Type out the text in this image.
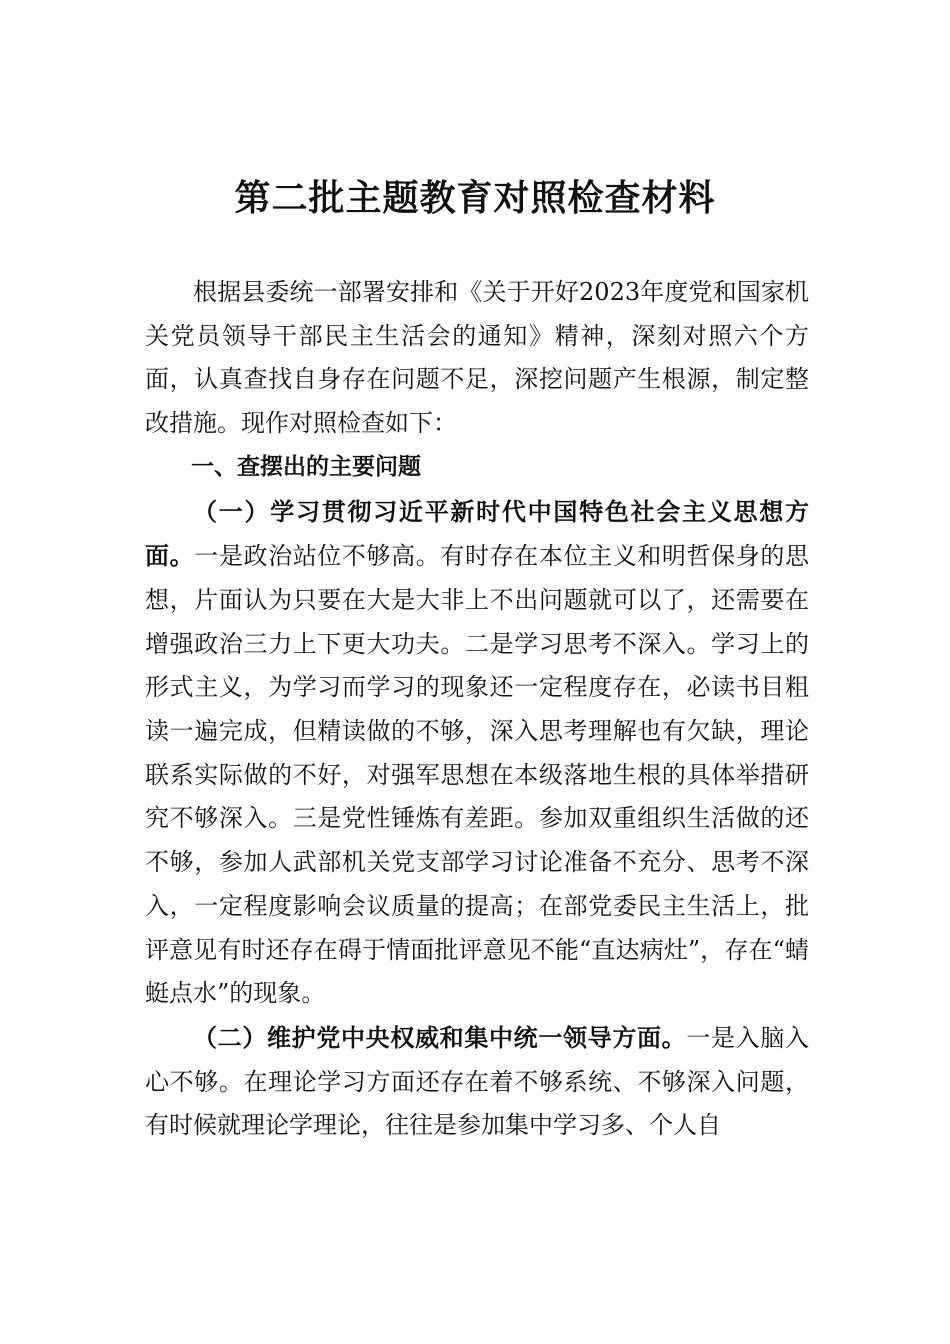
第二批主题教育对照检查材料

根据县委统一部署安排和《关于开好2023年度党和国家机关党员领导干部民主生活会的通知》精神，深刻对照六个方面，认真查找自身存在问题不足，深挖问题产生根源，制定整改措施。现作对照检查如下：

一、查摆出的主要问题

（一）学习贯彻习近平新时代中国特色社会主义思想方面。一是政治站位不够高。有时存在本位主义和明哲保身的思想，片面认为只要在大是大非上不出问题就可以了，还需要在增强政治三力上下更大功夫。二是学习思考不深入。学习上的形式主义，为学习而学习的现象还一定程度存在，必读书目粗读一遍完成，但精读做的不够，深入思考理解也有欠缺，理论联系实际做的不好，对强军思想在本级落地生根的具体举措研究不够深入。三是党性锤炼有差距。参加双重组织生活做的还不够，参加人武部机关党支部学习讨论准备不充分、思考不深入，一定程度影响会议质量的提高；在部党委民主生活上，批评意见有时还存在碍于情面批评意见不能“直达病灶”，存在“蜻蜓点水”的现象。

（二）维护党中央权威和集中统一领导方面。一是入脑入心不够。在理论学习方面还存在着不够系统、不够深入问题，有时候就理论学理论，往往是参加集中学习多、个人自
